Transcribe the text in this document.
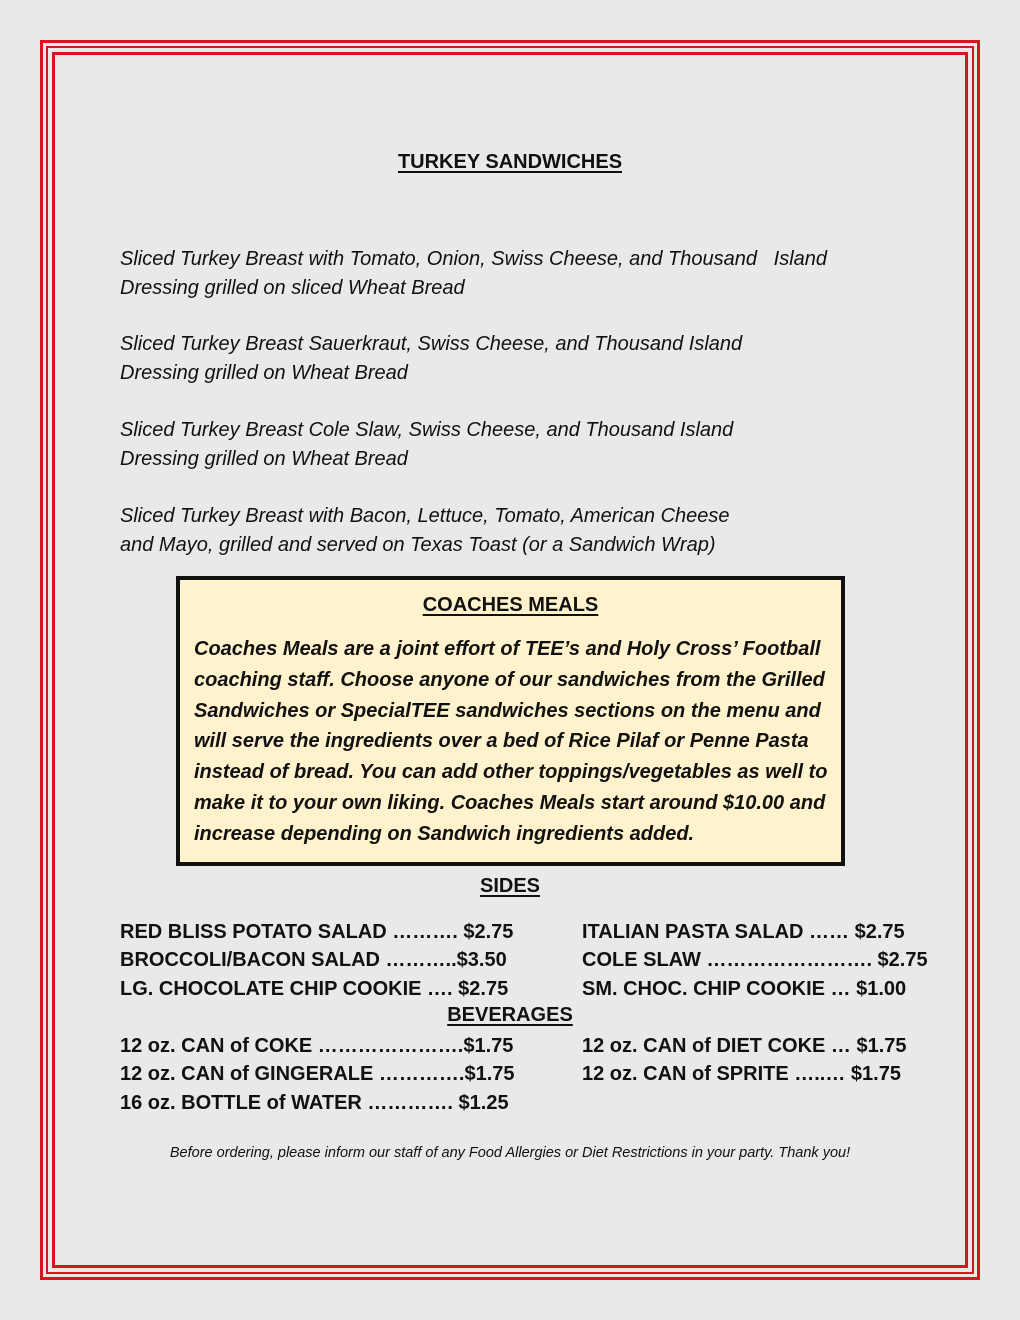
TURKEY SANDWICHES
Sliced Turkey Breast with Tomato, Onion, Swiss Cheese, and Thousand   Island
Dressing grilled on sliced Wheat Bread
Sliced Turkey Breast Sauerkraut, Swiss Cheese, and Thousand Island
Dressing grilled on Wheat Bread
Sliced Turkey Breast Cole Slaw, Swiss Cheese, and Thousand Island
Dressing grilled on Wheat Bread
Sliced Turkey Breast with Bacon, Lettuce, Tomato, American Cheese
and Mayo, grilled and served on Texas Toast (or a Sandwich Wrap)
COACHES MEALS
Coaches Meals are a joint effort of TEE’s and Holy Cross’ Football coaching staff. Choose anyone of our sandwiches from the Grilled Sandwiches or SpecialTEE sandwiches sections on the menu and will serve the ingredients over a bed of Rice Pilaf or Penne Pasta instead of bread. You can add other toppings/vegetables as well to make it to your own liking. Coaches Meals start around $10.00 and increase depending on Sandwich ingredients added.
SIDES
RED BLISS POTATO SALAD ………. $2.75
BROCCOLI/BACON SALAD ………..$3.50
LG. CHOCOLATE CHIP COOKIE …. $2.75
ITALIAN PASTA SALAD …… $2.75
COLE SLAW ……………………. $2.75
SM. CHOC. CHIP COOKIE … $1.00
BEVERAGES
12 oz. CAN of COKE ………………….$1.75
12 oz. CAN of GINGERALE ………….$1.75
16 oz. BOTTLE of WATER …………. $1.25
12 oz. CAN of DIET COKE … $1.75
12 oz. CAN of SPRITE …..… $1.75
Before ordering, please inform our staff of any Food Allergies or Diet Restrictions in your party. Thank you!
